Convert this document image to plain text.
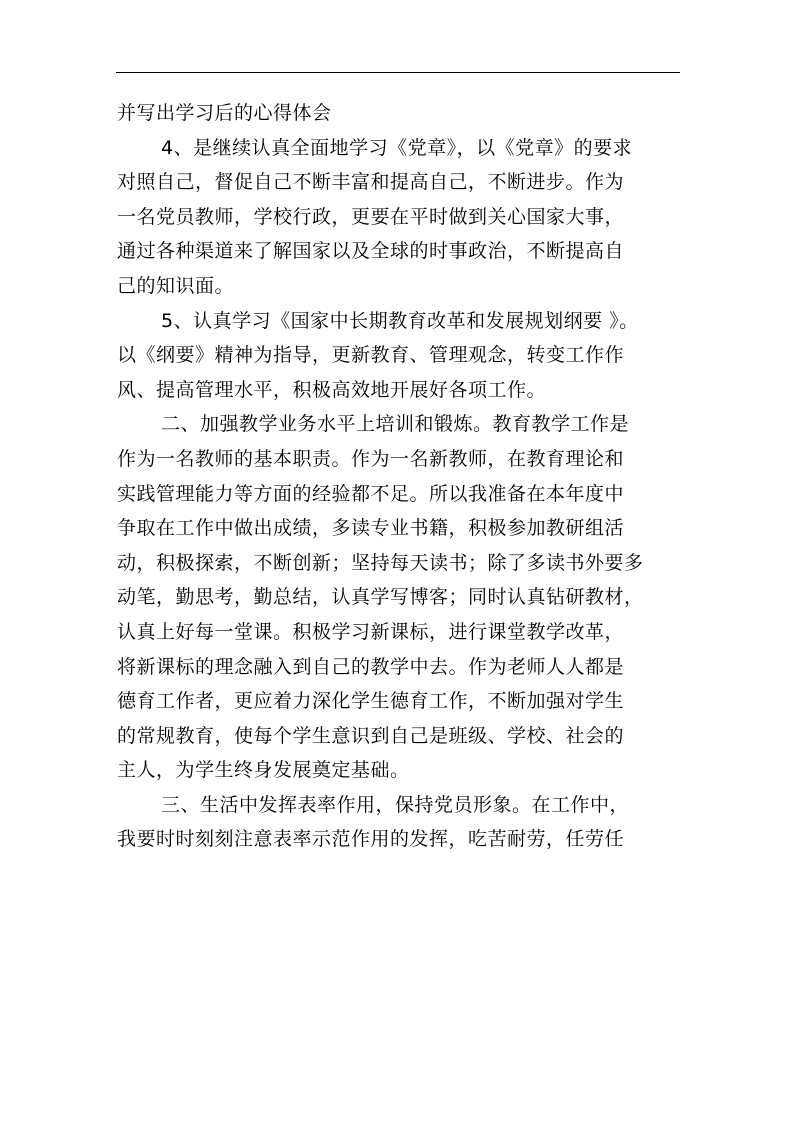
并写出学习后的心得体会
4、是继续认真全面地学习《党章》，以《党章》的要求
对照自己，督促自己不断丰富和提高自己，不断进步。作为
一名党员教师，学校行政，更要在平时做到关心国家大事，
通过各种渠道来了解国家以及全球的时事政治，不断提高自
己的知识面。
5、认真学习《国家中长期教育改革和发展规划纲要 》。
以《纲要》精神为指导，更新教育、管理观念，转变工作作
风、提高管理水平，积极高效地开展好各项工作。
二、加强教学业务水平上培训和锻炼。教育教学工作是
作为一名教师的基本职责。作为一名新教师，在教育理论和
实践管理能力等方面的经验都不足。所以我准备在本年度中
争取在工作中做出成绩，多读专业书籍，积极参加教研组活
动，积极探索，不断创新；坚持每天读书；除了多读书外要多
动笔，勤思考，勤总结，认真学写博客；同时认真钻研教材，
认真上好每一堂课。积极学习新课标，进行课堂教学改革，
将新课标的理念融入到自己的教学中去。作为老师人人都是
德育工作者，更应着力深化学生德育工作，不断加强对学生
的常规教育，使每个学生意识到自己是班级、学校、社会的
主人，为学生终身发展奠定基础。
三、生活中发挥表率作用，保持党员形象。在工作中，
我要时时刻刻注意表率示范作用的发挥，吃苦耐劳，任劳任
